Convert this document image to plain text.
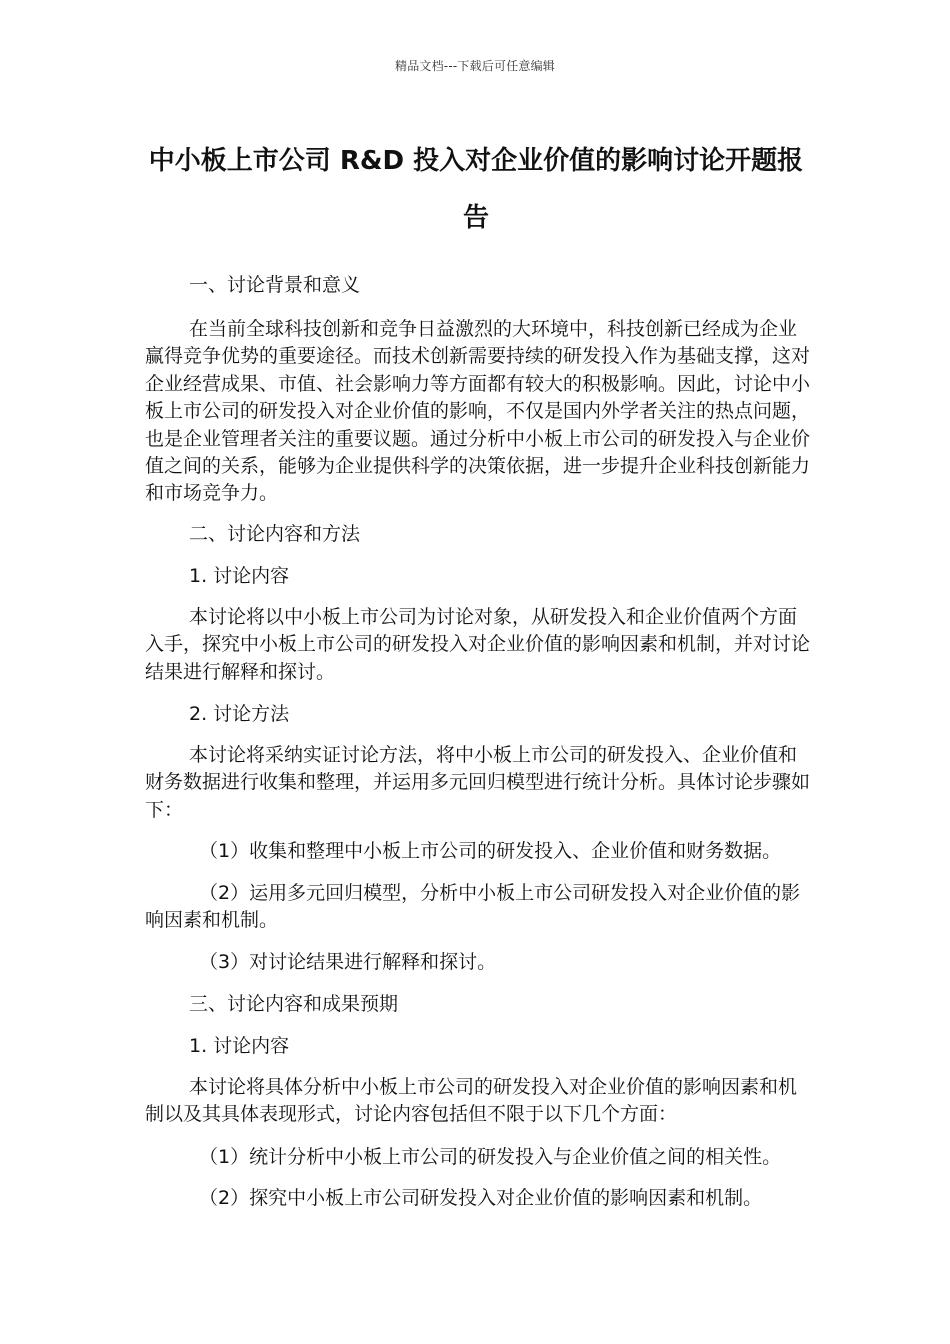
精品文档---下载后可任意编辑
中小板上市公司 R&D 投入对企业价值的影响讨论开题报告

一、讨论背景和意义

在当前全球科技创新和竞争日益激烈的大环境中，科技创新已经成为企业赢得竞争优势的重要途径。而技术创新需要持续的研发投入作为基础支撑，这对企业经营成果、市值、社会影响力等方面都有较大的积极影响。因此，讨论中小板上市公司的研发投入对企业价值的影响，不仅是国内外学者关注的热点问题，也是企业管理者关注的重要议题。通过分析中小板上市公司的研发投入与企业价值之间的关系，能够为企业提供科学的决策依据，进一步提升企业科技创新能力和市场竞争力。

二、讨论内容和方法

1. 讨论内容

本讨论将以中小板上市公司为讨论对象，从研发投入和企业价值两个方面入手，探究中小板上市公司的研发投入对企业价值的影响因素和机制，并对讨论结果进行解释和探讨。

2. 讨论方法

本讨论将采纳实证讨论方法，将中小板上市公司的研发投入、企业价值和财务数据进行收集和整理，并运用多元回归模型进行统计分析。具体讨论步骤如下：

（1）收集和整理中小板上市公司的研发投入、企业价值和财务数据。

（2）运用多元回归模型，分析中小板上市公司研发投入对企业价值的影响因素和机制。

（3）对讨论结果进行解释和探讨。

三、讨论内容和成果预期

1. 讨论内容

本讨论将具体分析中小板上市公司的研发投入对企业价值的影响因素和机制以及其具体表现形式，讨论内容包括但不限于以下几个方面：

（1）统计分析中小板上市公司的研发投入与企业价值之间的相关性。

（2）探究中小板上市公司研发投入对企业价值的影响因素和机制。
